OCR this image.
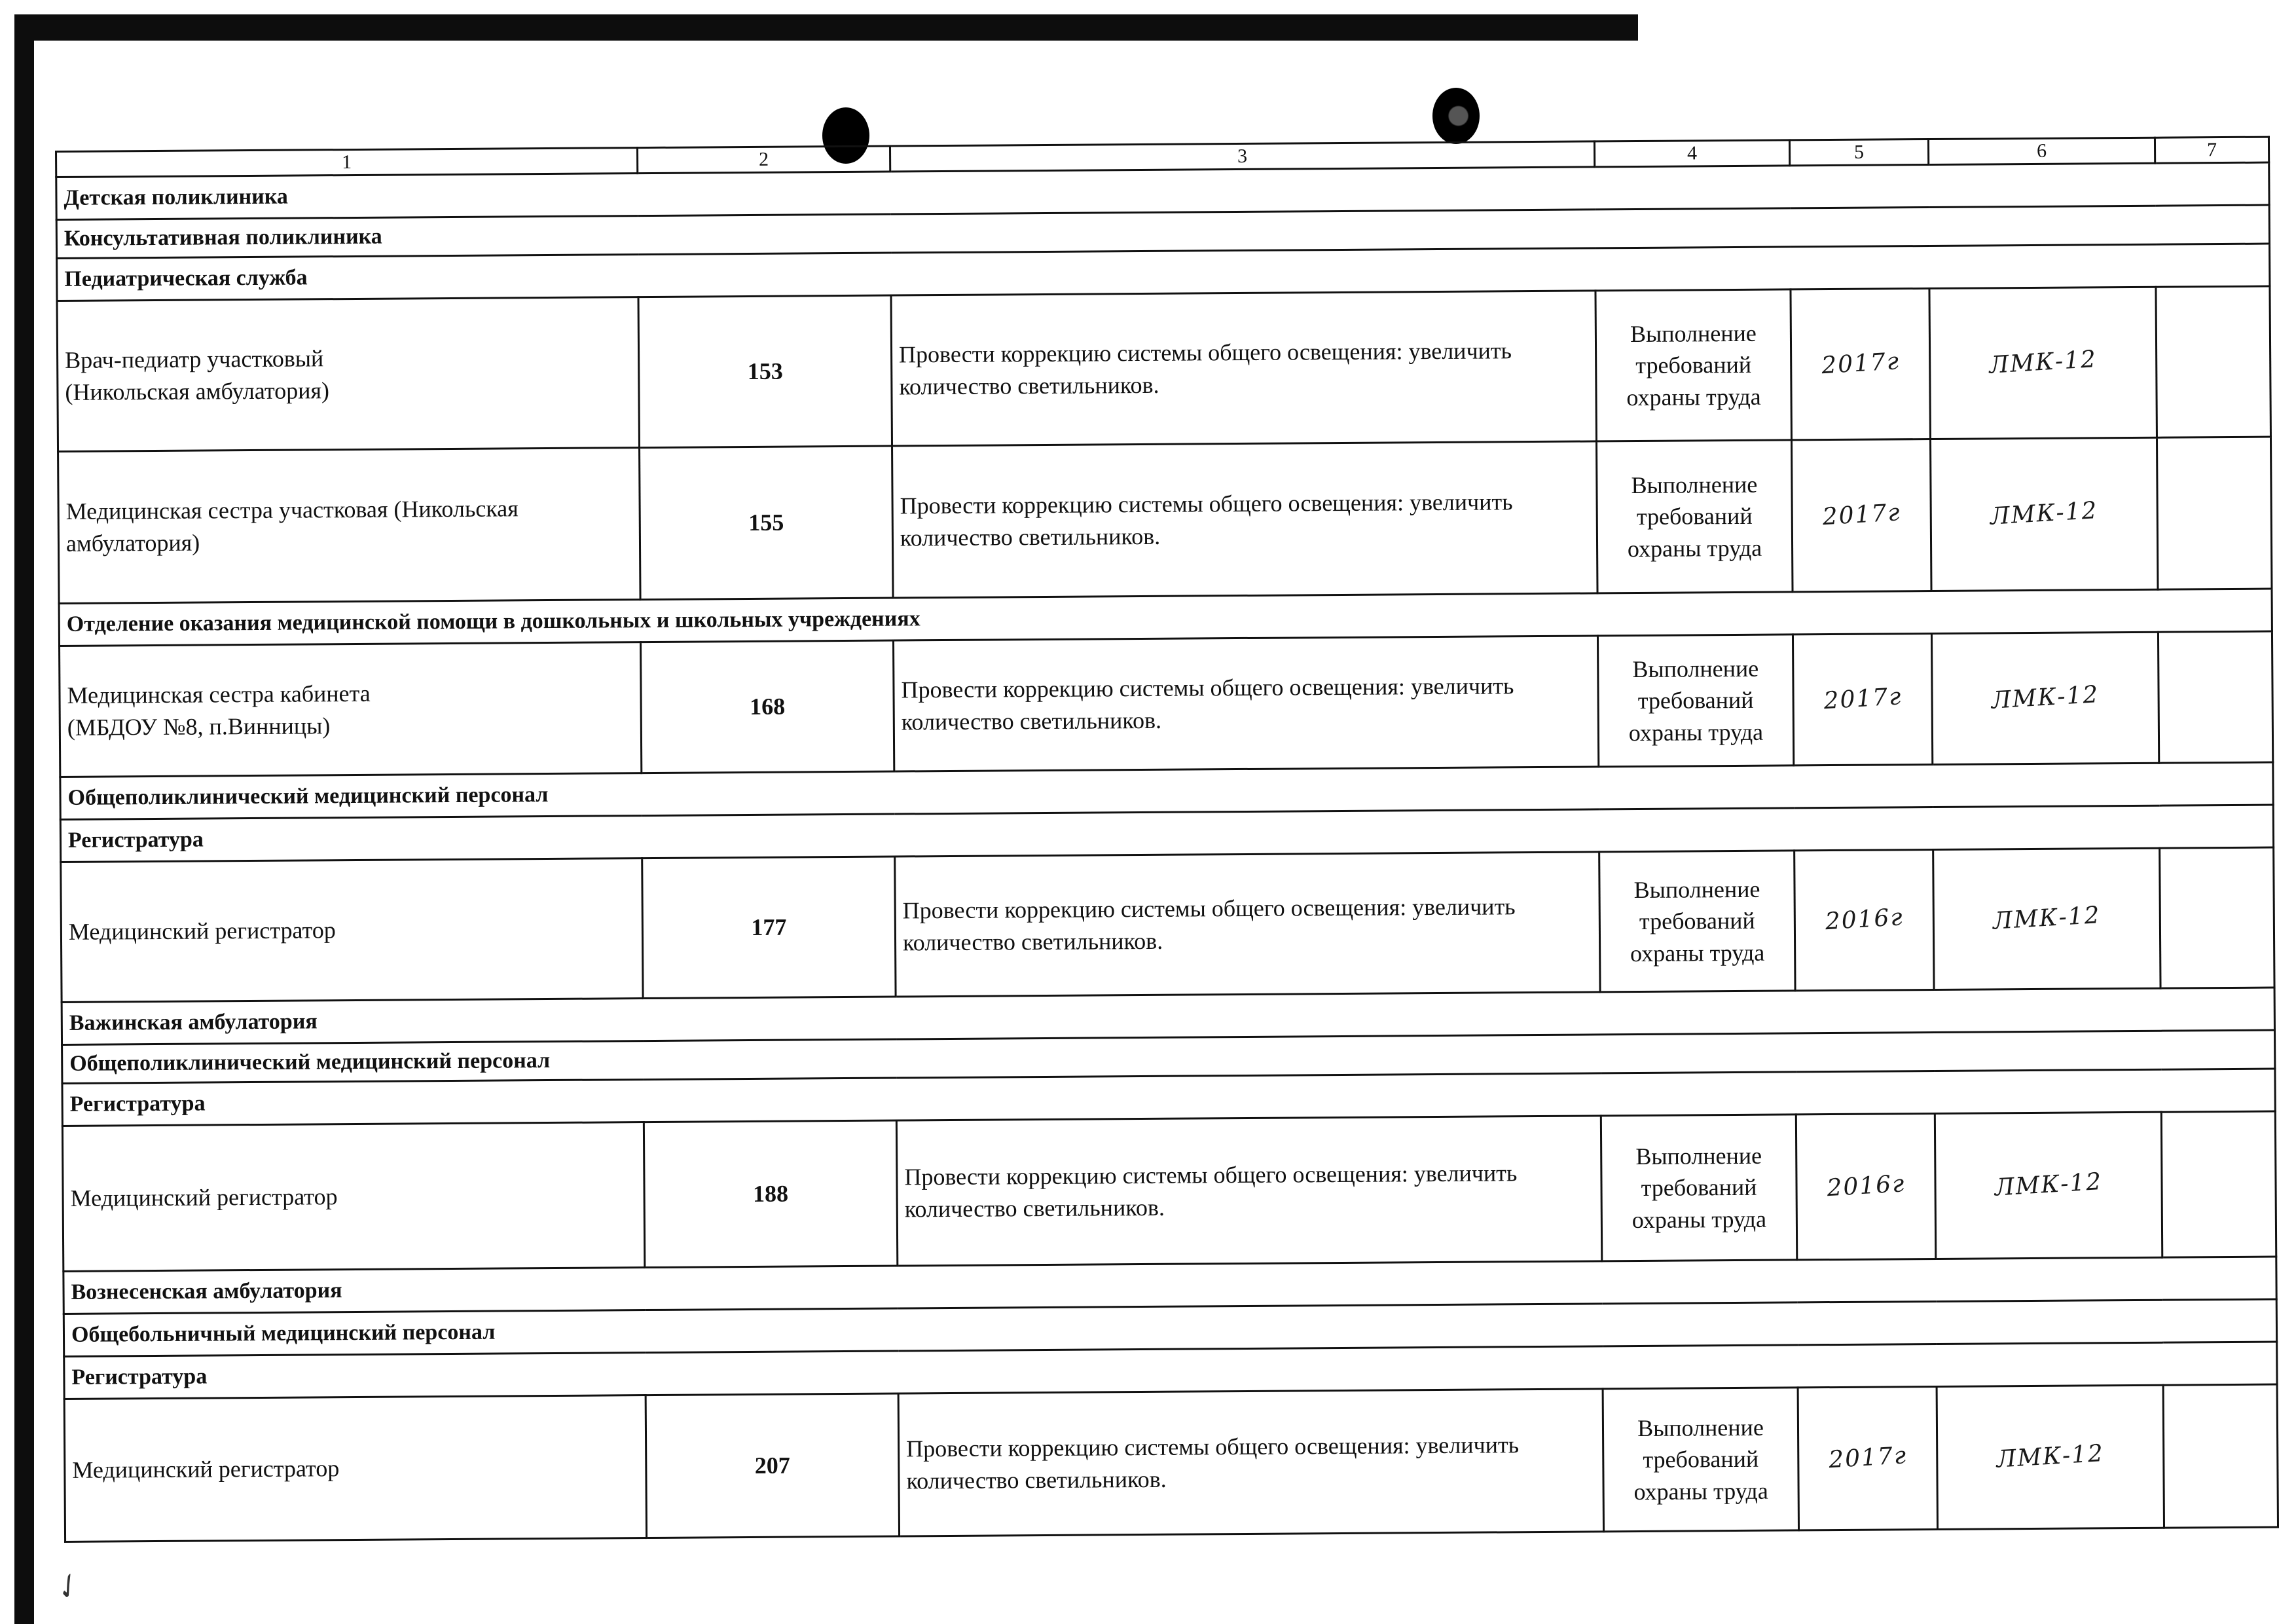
✓
1	2	3	4	5	6	7
Детская поликлиника						
Консультативная поликлиника						
Педиатрическая служба						
Врач-педиатр участковый
(Никольская амбулатория)	153	Провести коррекцию системы общего освещения: увеличить количество светильников.	Выполнение требований охраны труда	2017г	ЛМК-12	
Медицинская сестра участковая (Никольская амбулатория)	155	Провести коррекцию системы общего освещения: увеличить количество светильников.	Выполнение требований охраны труда	2017г	ЛМК-12	
Отделение оказания медицинской помощи в дошкольных и школьных учреждениях						
Медицинская сестра кабинета
(МБДОУ №8, п.Винницы)	168	Провести коррекцию системы общего освещения: увеличить количество светильников.	Выполнение требований охраны труда	2017г	ЛМК-12	
Общеполиклинический медицинский персонал						
Регистратура						
Медицинский регистратор	177	Провести коррекцию системы общего освещения: увеличить количество светильников.	Выполнение требований охраны труда	2016г	ЛМК-12	
Важинская амбулатория						
Общеполиклинический медицинский персонал						
Регистратура						
Медицинский регистратор	188	Провести коррекцию системы общего освещения: увеличить количество светильников.	Выполнение требований охраны труда	2016г	ЛМК-12	
Вознесенская амбулатория						
Общебольничный медицинский персонал						
Регистратура						
Медицинский регистратор	207	Провести коррекцию системы общего освещения: увеличить количество светильников.	Выполнение требований охраны труда	2017г	ЛМК-12	
